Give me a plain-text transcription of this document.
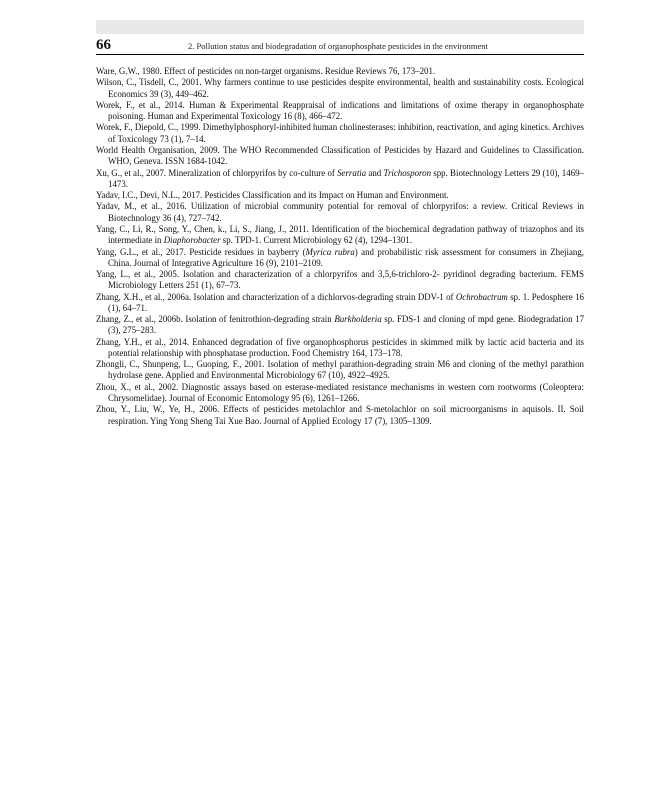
66	2. Pollution status and biodegradation of organophosphate pesticides in the environment
Ware, G.W., 1980. Effect of pesticides on non-target organisms. Residue Reviews 76, 173–201.
Wilson, C., Tisdell, C., 2001. Why farmers continue to use pesticides despite environmental, health and sustainability costs. Ecological Economics 39 (3), 449–462.
Worek, F., et al., 2014. Human & Experimental Reappraisal of indications and limitations of oxime therapy in organophosphate poisoning. Human and Experimental Toxicology 16 (8), 466–472.
Worek, F., Diepold, C., 1999. Dimethylphosphoryl-inhibited human cholinesterases: inhibition, reactivation, and aging kinetics. Archives of Toxicology 73 (1), 7–14.
World Health Organisation, 2009. The WHO Recommended Classification of Pesticides by Hazard and Guidelines to Classification. WHO, Geneva. ISSN 1684-1042.
Xu, G., et al., 2007. Mineralization of chlorpyrifos by co-culture of Serratia and Trichosporon spp. Biotechnology Letters 29 (10), 1469–1473.
Yadav, I.C., Devi, N.L., 2017. Pesticides Classification and its Impact on Human and Environment.
Yadav, M., et al., 2016. Utilization of microbial community potential for removal of chlorpyrifos: a review. Critical Reviews in Biotechnology 36 (4), 727–742.
Yang, C., Li, R., Song, Y., Chen, k., Li, S., Jiang, J., 2011. Identification of the biochemical degradation pathway of triazophos and its intermediate in Diaphorobacter sp. TPD-1. Current Microbiology 62 (4), 1294–1301.
Yang, G.L., et al., 2017. Pesticide residues in bayberry (Myrica rubra) and probabilistic risk assessment for consumers in Zhejiang, China. Journal of Integrative Agriculture 16 (9), 2101–2109.
Yang, L., et al., 2005. Isolation and characterization of a chlorpyrifos and 3,5,6-trichloro-2- pyridinol degrading bacterium. FEMS Microbiology Letters 251 (1), 67–73.
Zhang, X.H., et al., 2006a. Isolation and characterization of a dichlorvos-degrading strain DDV-1 of Ochrobactrum sp. 1. Pedosphere 16 (1), 64–71.
Zhang, Z., et al., 2006b. Isolation of fenitrothion-degrading strain Burkholderia sp. FDS-1 and cloning of mpd gene. Biodegradation 17 (3), 275–283.
Zhang, Y.H., et al., 2014. Enhanced degradation of five organophosphorus pesticides in skimmed milk by lactic acid bacteria and its potential relationship with phosphatase production. Food Chemistry 164, 173–178.
Zhongli, C., Shunpeng, L., Guoping, F., 2001. Isolation of methyl parathion-degrading strain M6 and cloning of the methyl parathion hydrolase gene. Applied and Environmental Microbiology 67 (10), 4922–4925.
Zhou, X., et al., 2002. Diagnostic assays based on esterase-mediated resistance mechanisms in western corn rootworms (Coleoptera: Chrysomelidae). Journal of Economic Entomology 95 (6), 1261–1266.
Zhou, Y., Liu, W., Ye, H., 2006. Effects of pesticides metolachlor and S-metolachlor on soil microorganisms in aquisols. II. Soil respiration. Ying Yong Sheng Tai Xue Bao. Journal of Applied Ecology 17 (7), 1305–1309.
